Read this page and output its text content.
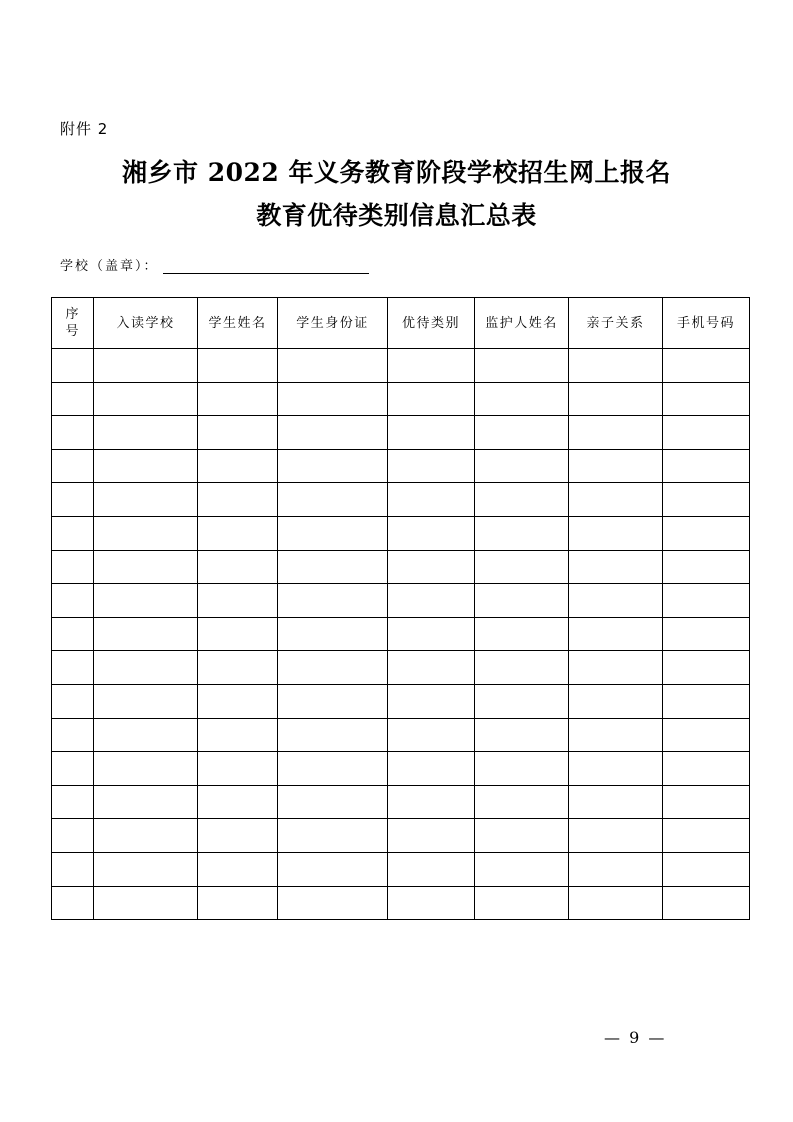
附件 2
湘乡市 2022 年义务教育阶段学校招生网上报名
教育优待类别信息汇总表
学校（盖章）：
序号	入读学校	学生姓名	学生身份证	优待类别	监护人姓名	亲子关系	手机号码

— 9 —
